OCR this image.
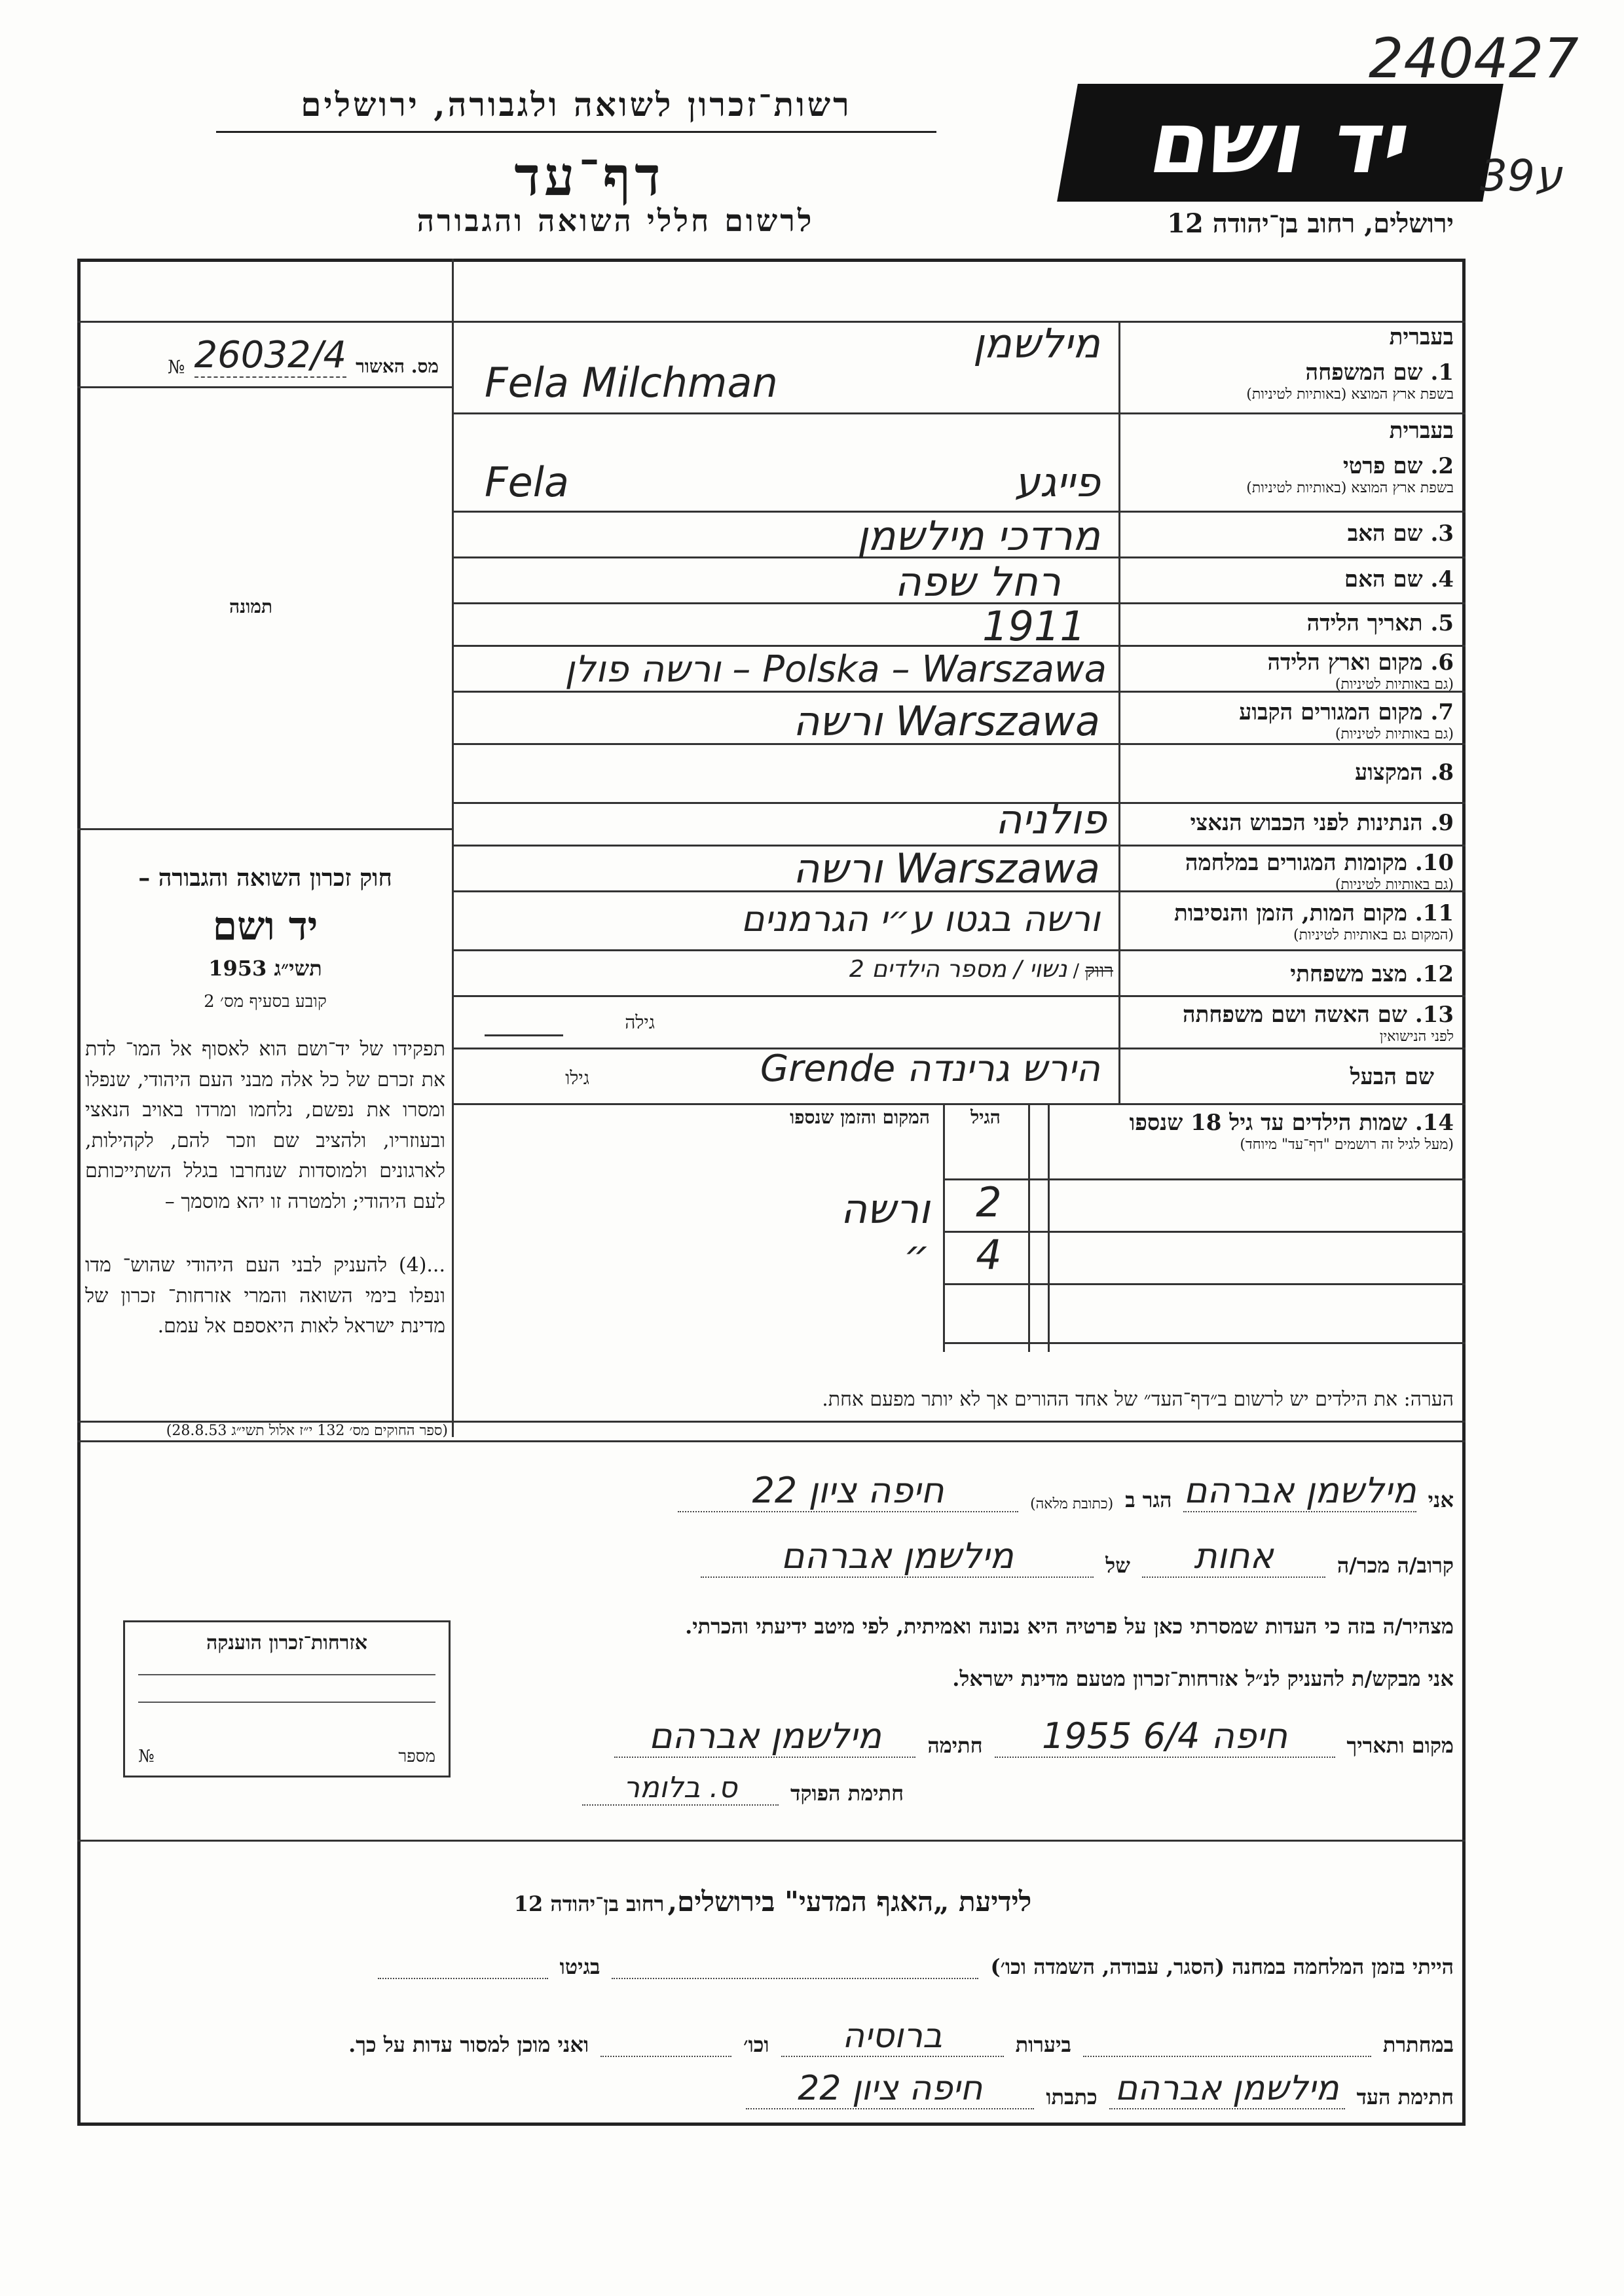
יד ושם
240427
ע39
רשות־זכרון לשואה ולגבורה, ירושלים
דף־עד
לרשום חללי השואה והגבורה	ירושלים, רחוב בן־יהודה 12
מס. האשור
26032/4
№
תמונה
חוק זכרון השואה והגבורה –
יד ושם
תשי״ג 1953
קובע בסעיף מס׳ 2
תפקידו של יד־ושם הוא לאסוף אל המו־ לדת את זכרם של כל אלה מבני העם היהודי, שנפלו ומסרו את נפשם, נלחמו ומרדו באויב הנאצי ובעוזריו, ולהציב שם וזכר להם, לקהילות, לארגונים ולמוסדות שנחרבו בגלל השתייכותם לעם היהודי; ולמטרה זו יהא מוסמך –
...(4) להעניק לבני העם היהודי שהוש־ מדו ונפלו בימי השואה והמרי אזרחות־ זכרון של מדינת ישראל לאות היאספם אל עמם.
(ספר החוקים מס׳ 132 י״ז אלול תשי״ג 28.8.53)
בעברית
1. שם המשפחה
בשפת ארץ המוצא (באותיות לטיניות)
בעברית
2. שם פרטי
בשפת ארץ המוצא (באותיות לטיניות)
3. שם האב
4. שם האם
5. תאריך הלידה
6. מקום וארץ הלידה
(גם באותיות לטיניות)
7. מקום המגורים הקבוע
(גם באותיות לטיניות)
8. המקצוע
9. הנתינות לפני הכבוש הנאצי
10. מקומות המגורים במלחמה
(גם באותיות לטיניות)
11. מקום המות, הזמן והנסיבות
(המקום גם באותיות לטיניות)
12. מצב משפחתי
13. שם האשה ושם משפחתה
לפני הנישואין
שם הבעל
מילשמן
Fela Milchman
פייגע
Fela
מרדכי מילשמן
רחל שפה
1911
Polska – Warszawa – ורשה פולן
Warszawa ורשה
פולניה
Warszawa ורשה
ורשה בגטו ע״י הגרמנים
רווק / נשוי / מספר הילדים 2
גילה
הירש גרינדה Grende
גילו
14. שמות הילדים עד גיל 18 שנספו
(מעל לגיל זה רושמים "דף־עד" מיוחד)
הגיל
המקום והזמן שנספו
2
ורשה
4
״
הערה: את הילדים יש לרשום ב״דף־העד״ של אחד ההורים אך לא יותר מפעם אחת.
אני
מילשמן אברהם
הגר ב
(כתובת מלאה)
חיפה ציון 22
קרוב/ה מכר/ה
אחות
של
מילשמן אברהם
מצהיר/ה בזה כי העדות שמסרתי כאן על פרטיה היא נכונה ואמיתית, לפי מיטב ידיעתי והכרתי.
אני מבקש/ת להעניק לנ״ל אזרחות־זכרון מטעם מדינת ישראל.
מקום ותאריך
חיפה 6/4 1955
חתימה
מילשמן אברהם
חתימת הפוקד
ס. בלומר
אזרחות־זכרון הוענקה
מספר
№
לידיעת „האגף המדעי" בירושלים, רחוב בן־יהודה 12
הייתי בזמן המלחמה במחנה (הסגר, עבודה, השמדה וכו׳)
בגיטו
במחתרת
ביערות
ברוסיה
וכו׳
ואני מוכן למסור עדות על כך.
חתימת העד
מילשמן אברהם
כתבתו
חיפה ציון 22
